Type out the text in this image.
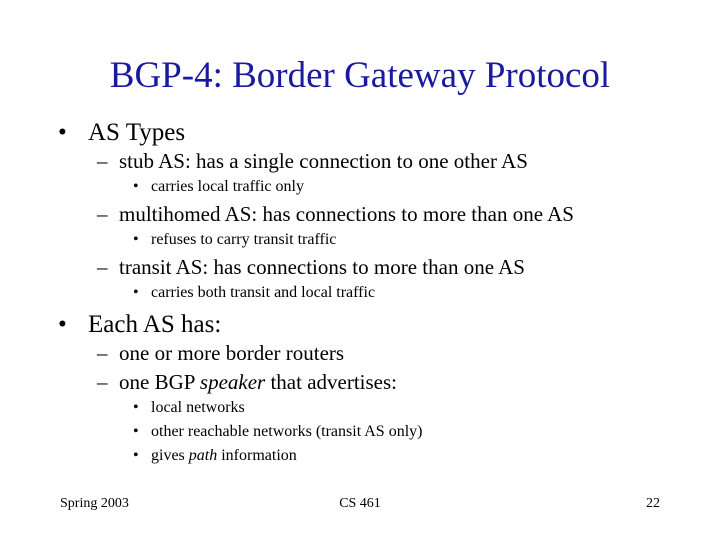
BGP-4: Border Gateway Protocol
• AS Types
– stub AS: has a single connection to one other AS
• carries local traffic only
– multihomed AS: has connections to more than one AS
• refuses to carry transit traffic
– transit AS: has connections to more than one AS
• carries both transit and local traffic
• Each AS has:
– one or more border routers
– one BGP speaker that advertises:
• local networks
• other reachable networks (transit AS only)
• gives path information
Spring 2003	CS 461	22
